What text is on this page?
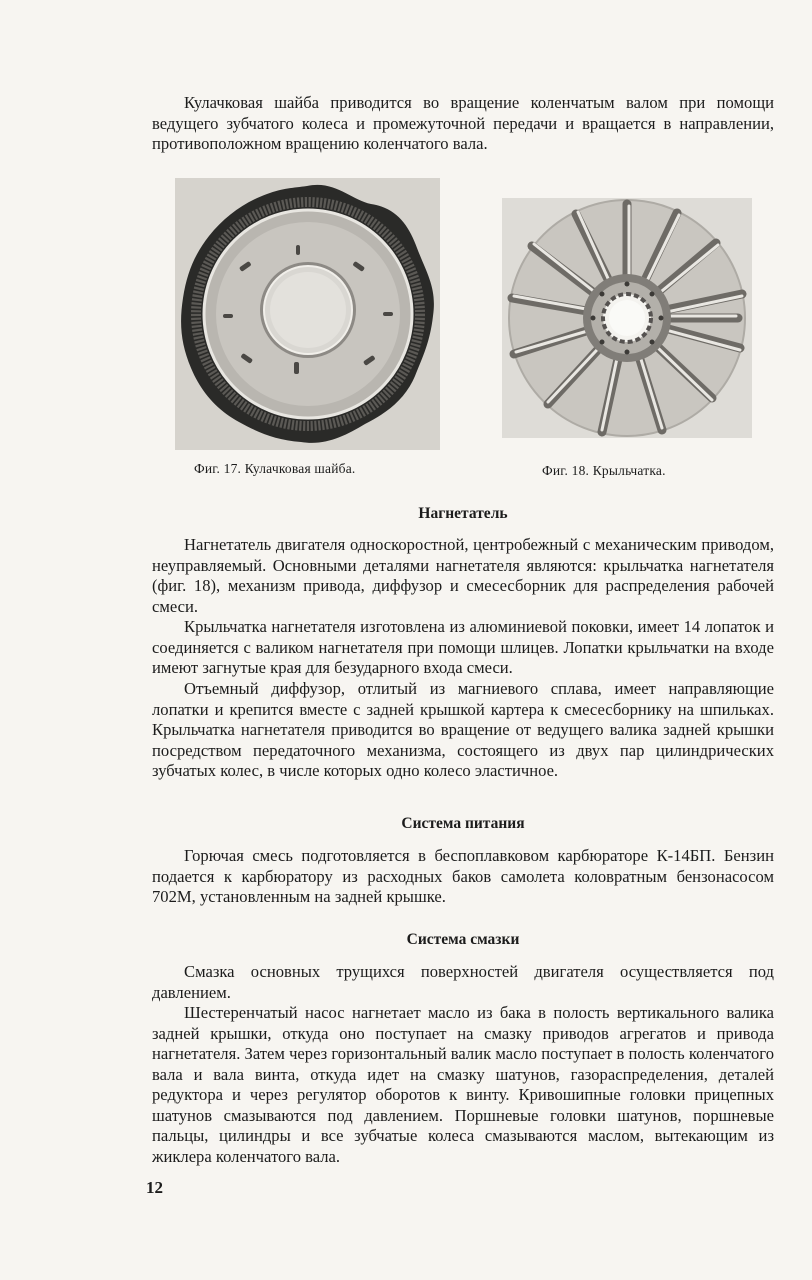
Кулачковая шайба приводится во вращение коленчатым валом при помощи ведущего зубчатого колеса и промежуточной передачи и вращается в направлении, противоположном вращению коленчатого вала.

Фиг. 17. Кулачковая шайба.	Фиг. 18. Крыльчатка.

Нагнетатель

Нагнетатель двигателя односкоростной, центробежный с механическим приводом, неуправляемый. Основными деталями нагнетателя являются: крыльчатка нагнетателя (фиг. 18), механизм привода, диффузор и смесесборник для распределения рабочей смеси.

Крыльчатка нагнетателя изготовлена из алюминиевой поковки, имеет 14 лопаток и соединяется с валиком нагнетателя при помощи шлицев. Лопатки крыльчатки на входе имеют загнутые края для безударного входа смеси.

Отъемный диффузор, отлитый из магниевого сплава, имеет направляющие лопатки и крепится вместе с задней крышкой картера к смесесборнику на шпильках. Крыльчатка нагнетателя приводится во вращение от ведущего валика задней крышки посредством передаточного механизма, состоящего из двух пар цилиндрических зубчатых колес, в числе которых одно колесо эластичное.

Система питания

Горючая смесь подготовляется в беспоплавковом карбюраторе К-14БП. Бензин подается к карбюратору из расходных баков самолета коловратным бензонасосом 702М, установленным на задней крышке.

Система смазки

Смазка основных трущихся поверхностей двигателя осуществляется под давлением.

Шестеренчатый насос нагнетает масло из бака в полость вертикального валика задней крышки, откуда оно поступает на смазку приводов агрегатов и привода нагнетателя. Затем через горизонтальный валик масло поступает в полость коленчатого вала и вала винта, откуда идет на смазку шатунов, газораспределения, деталей редуктора и через регулятор оборотов к винту. Кривошипные головки прицепных шатунов смазываются под давлением. Поршневые головки шатунов, поршневые пальцы, цилиндры и все зубчатые колеса смазываются маслом, вытекающим из жиклера коленчатого вала.

12
